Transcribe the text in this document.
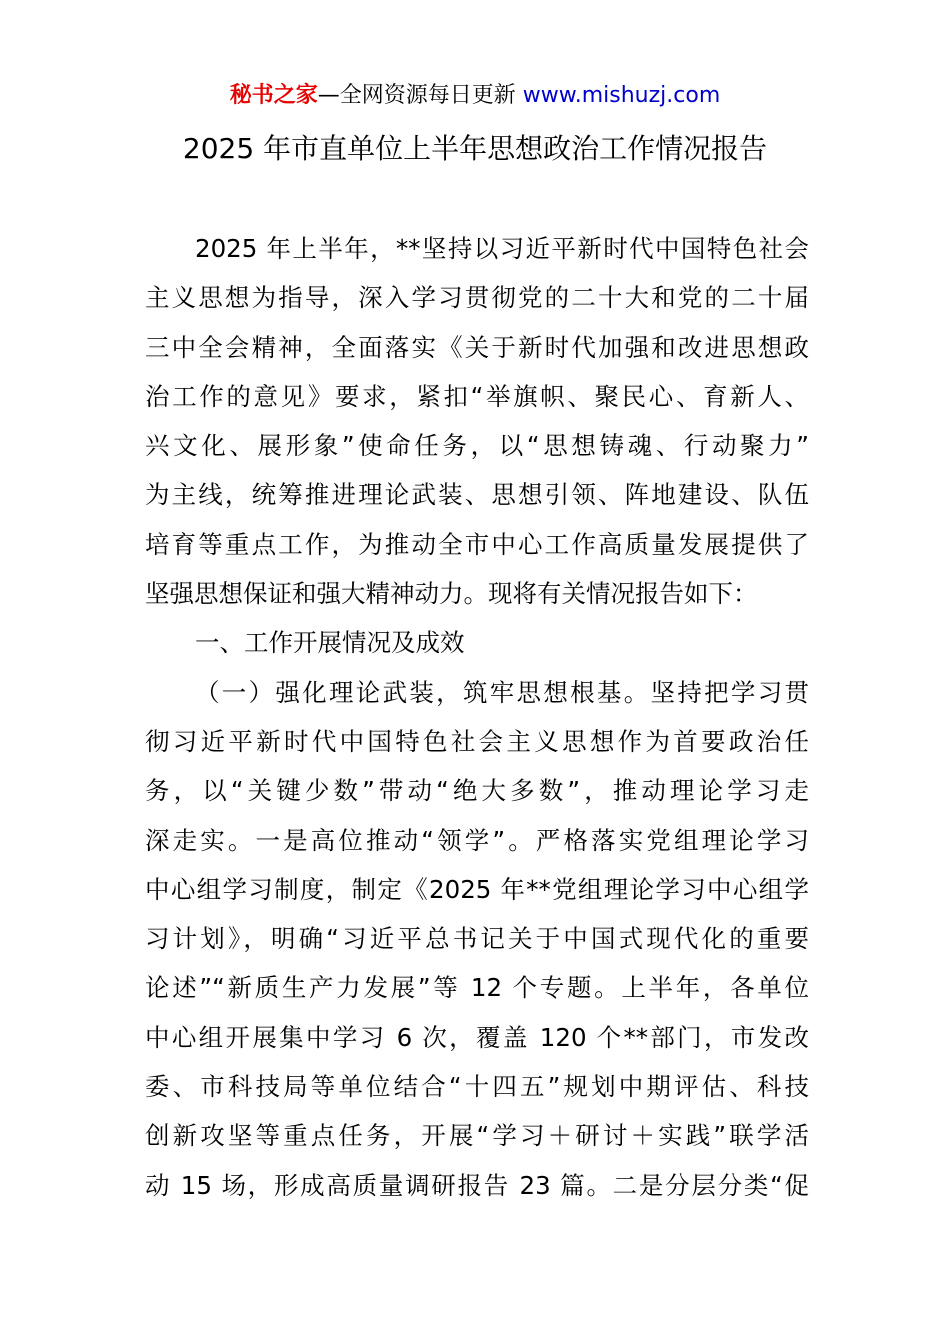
秘书之家—全网资源每日更新 www.mishuzj.com
2025 年市直单位上半年思想政治工作情况报告
2025 年上半年，**坚持以习近平新时代中国特色社会
主义思想为指导，深入学习贯彻党的二十大和党的二十届
三中全会精神，全面落实《关于新时代加强和改进思想政
治工作的意见》要求，紧扣“举旗帜、聚民心、育新人、
兴文化、展形象”使命任务，以“思想铸魂、行动聚力”
为主线，统筹推进理论武装、思想引领、阵地建设、队伍
培育等重点工作，为推动全市中心工作高质量发展提供了
坚强思想保证和强大精神动力。现将有关情况报告如下：
一、工作开展情况及成效
（一）强化理论武装，筑牢思想根基。坚持把学习贯
彻习近平新时代中国特色社会主义思想作为首要政治任
务，以“关键少数”带动“绝大多数”，推动理论学习走
深走实。一是高位推动“领学”。严格落实党组理论学习
中心组学习制度，制定《2025 年**党组理论学习中心组学
习计划》，明确“习近平总书记关于中国式现代化的重要
论述”“新质生产力发展”等 12 个专题。上半年，各单位
中心组开展集中学习 6 次，覆盖 120 个**部门，市发改
委、市科技局等单位结合“十四五”规划中期评估、科技
创新攻坚等重点任务，开展“学习＋研讨＋实践”联学活
动 15 场，形成高质量调研报告 23 篇。二是分层分类“促
